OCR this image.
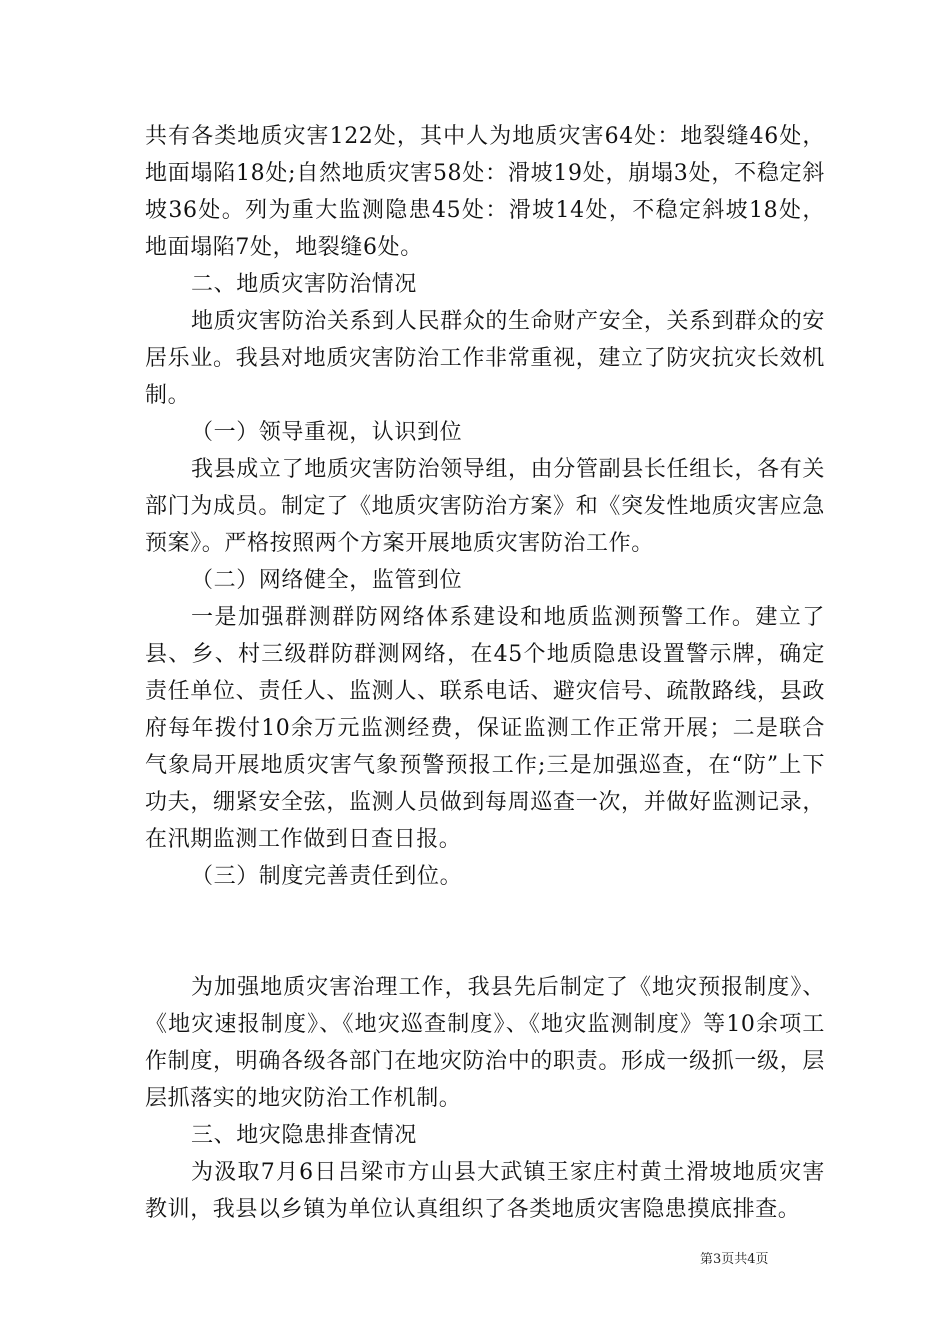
共有各类地质灾害122处，其中人为地质灾害64处：地裂缝46处，地面塌陷18处;自然地质灾害58处：滑坡19处，崩塌3处，不稳定斜坡36处。列为重大监测隐患45处：滑坡14处，不稳定斜坡18处，地面塌陷7处，地裂缝6处。

二、地质灾害防治情况

地质灾害防治关系到人民群众的生命财产安全，关系到群众的安居乐业。我县对地质灾害防治工作非常重视，建立了防灾抗灾长效机制。

（一）领导重视，认识到位

我县成立了地质灾害防治领导组，由分管副县长任组长，各有关部门为成员。制定了《地质灾害防治方案》和《突发性地质灾害应急预案》。严格按照两个方案开展地质灾害防治工作。

（二）网络健全，监管到位

一是加强群测群防网络体系建设和地质监测预警工作。建立了县、乡、村三级群防群测网络，在45个地质隐患设置警示牌，确定责任单位、责任人、监测人、联系电话、避灾信号、疏散路线，县政府每年拨付10余万元监测经费，保证监测工作正常开展；二是联合气象局开展地质灾害气象预警预报工作;三是加强巡查，在“防”上下功夫，绷紧安全弦，监测人员做到每周巡查一次，并做好监测记录，在汛期监测工作做到日查日报。

（三）制度完善责任到位。

为加强地质灾害治理工作，我县先后制定了《地灾预报制度》、《地灾速报制度》、《地灾巡查制度》、《地灾监测制度》等10余项工作制度，明确各级各部门在地灾防治中的职责。形成一级抓一级，层层抓落实的地灾防治工作机制。

三、地灾隐患排查情况

为汲取7月6日吕梁市方山县大武镇王家庄村黄土滑坡地质灾害教训，我县以乡镇为单位认真组织了各类地质灾害隐患摸底排查。

第3页共4页
